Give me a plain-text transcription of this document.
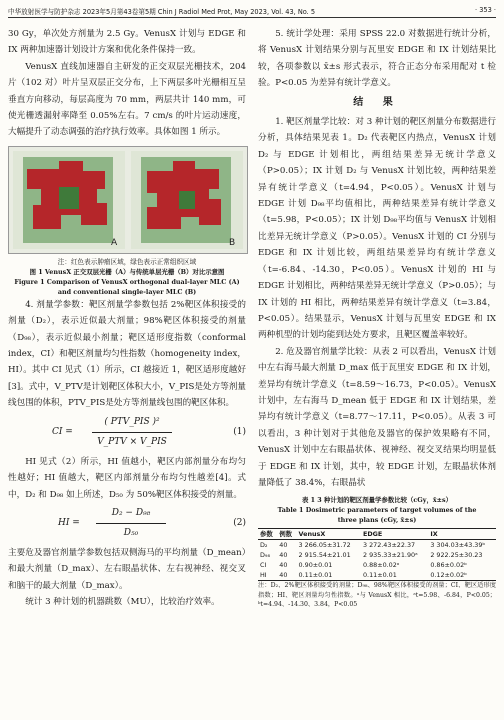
中华放射医学与防护杂志 2023年5月第43卷第5期 Chin J Radiol Med Prot, May 2023, Vol. 43, No. 5	· 353 ·

30 Gy，单次处方剂量为 2.5 Gy。VenusX 计划与 EDGE 和 IX 两种加速器计划设计方案和优化条件保持一致。

VenusX 直线加速器自主研发的正交双层光栅技术，204 片（102 对）叶片呈双层正交分布，上下两层多叶光栅相互呈垂直方向移动，每层高度为 70 mm，两层共计 140 mm，可使光栅透漏射率降至 0.05%左右。7 cm/s 的叶片运动速度，大幅提升了动态调强的治疗执行效率。具体如图 1 所示。

A	B

注：红色表示肿瘤区域，绿色表示正常组织区域

图 1 VenusX 正交双层光栅（A）与传统单层光栅（B）对比示意图

Figure 1 Comparison of VenusX orthogonal dual-layer MLC (A) and conventional single-layer MLC (B)

4. 剂量学参数：靶区剂量学参数包括 2%靶区体积接受的剂量（D₂），表示近似最大剂量；98%靶区体积接受的剂量（D₉₈），表示近似最小剂量；靶区适形度指数（conformal index，CI）和靶区剂量均匀性指数（homogeneity index，HI）。其中 CI 见式（1）所示，CI 越接近 1，靶区适形度越好[3]。式中，V_PTV是计划靶区体积大小，V_PIS是处方等剂量线包围的体积，PTV_PIS是处方等剂量线包围的靶区体积。

CI =
( PTV_PIS )²
V_PTV × V_PIS
(1)

HI 见式（2）所示，HI 值越小，靶区内部剂量分布均匀性越好；HI 值越大，靶区内部剂量分布均匀性越差[4]。式中，D₂ 和 D₉₈ 如上所述，D₅₀ 为 50%靶区体积接受的剂量。

HI =
D₂ − D₉₈
D₅₀
(2)

主要危及器官剂量学参数包括双侧海马的平均剂量（D_mean）和最大剂量（D_max）、左右眼晶状体、左右视神经、视交叉和脑干的最大剂量（D_max）。

统计 3 种计划的机器跳数（MU），比较治疗效率。

5. 统计学处理：采用 SPSS 22.0 对数据进行统计分析，将 VenusX 计划结果分别与瓦里安 EDGE 和 IX 计划结果比较，各项参数以 x̄±s 形式表示，符合正态分布采用配对 t 检验。P<0.05 为差异有统计学意义。

结 果

1. 靶区剂量学比较：对 3 种计划的靶区剂量分布数据进行分析，具体结果见表 1。D₂ 代表靶区内热点，VenusX 计划 D₂ 与 EDGE 计划相比，两组结果差异无统计学意义（P>0.05）；IX 计划 D₂ 与 VenusX 计划比较，两种结果差异有统计学意义（t=4.94，P<0.05）。VenusX 计划与 EDGE 计划 D₉₈平均值相比，两种结果差异有统计学意义（t=5.98，P<0.05）；IX 计划 D₉₈平均值与 VenusX 计划相比差异无统计学意义（P>0.05）。VenusX 计划的 CI 分别与 EDGE 和 IX 计划比较，两组结果差异均有统计学意义（t=-6.84、-14.30，P<0.05）。VenusX 计划的 HI 与 EDGE 计划相比，两种结果差异无统计学意义（P>0.05）；与 IX 计划的 HI 相比，两种结果差异有统计学意义（t=3.84，P<0.05）。结果显示，VenusX 计划与瓦里安 EDGE 和 IX 两种机型的计划均能到达处方要求，且靶区覆盖率较好。

2. 危及器官剂量学比较：从表 2 可以看出，VenusX 计划中左右海马最大剂量 D_max 低于瓦里安 EDGE 和 IX 计划，差异均有统计学意义（t=8.59～16.73，P<0.05）。VenusX 计划中，左右海马 D_mean 低于 EDGE 和 IX 计划结果，差异均有统计学意义（t=8.77～17.11，P<0.05）。从表 3 可以看出，3 种计划对于其他危及器官的保护效果略有不同，VenusX 计划中左右眼晶状体、视神经、视交叉结果均明显低于 EDGE 和 IX 计划，其中，较 EDGE 计划，左眼晶状体剂量降低了 38.4%，右眼晶状

表 1 3 种计划的靶区剂量学参数比较（cGy，x̄±s）

Table 1 Dosimetric parameters of target volumes of the

three plans (cGy, x̄±s)

参数	例数	VenusX	EDGE	IX
D₂	40	3 266.05±31.72	3 272.43±22.37	3 304.03±43.39ᵇ
D₉₈	40	2 915.54±21.01	2 935.33±21.90ᵃ	2 922.25±30.23
CI	40	0.90±0.01	0.88±0.02ᵃ	0.86±0.02ᵇ
HI	40	0.11±0.01	0.11±0.01	0.12±0.02ᵇ

注：D₂、2%靶区体积接受的剂量；D₉₈、98%靶区体积接受的剂量；CI、靶区适形度指数；HI、靶区剂量均匀性指数。ᵃ与 VenusX 相比，ᵃt=5.98、-6.84，P<0.05；ᵇt=4.94、-14.30、3.84，P<0.05
